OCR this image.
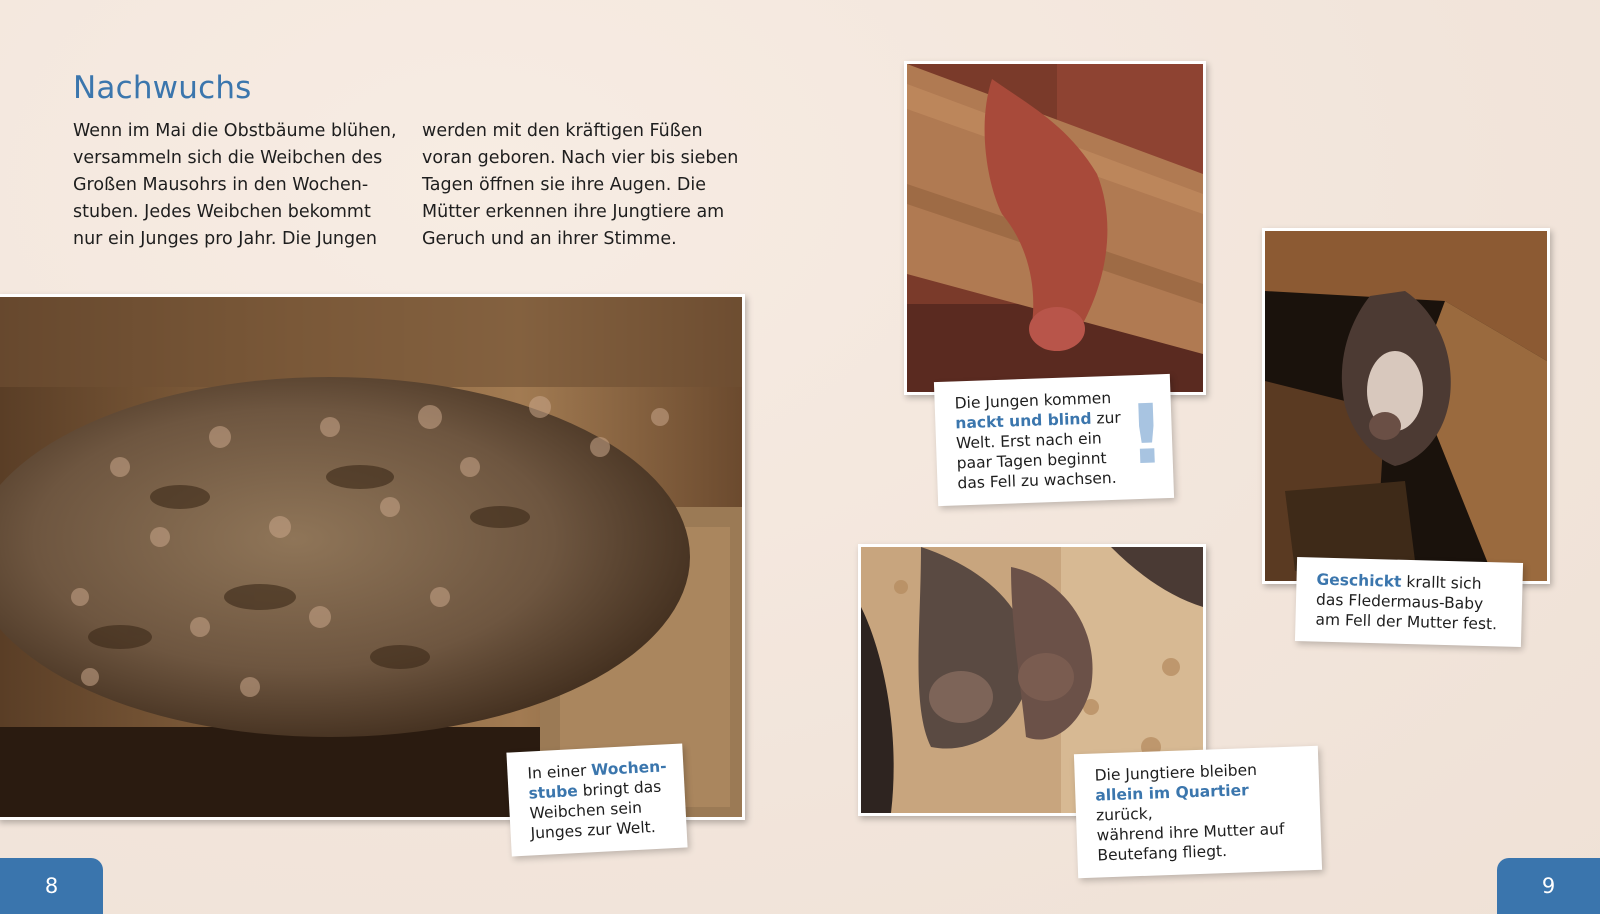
Nachwuchs
Wenn im Mai die Obstbäume blühen,
versammeln sich die Weibchen des
Großen Mausohrs in den Wochen-
stuben. Jedes Weibchen bekommt
nur ein Junges pro Jahr. Die Jungen
werden mit den kräftigen Füßen
voran geboren. Nach vier bis sieben
Tagen öffnen sie ihre Augen. Die
Mütter erkennen ihre Jungtiere am
Geruch und an ihrer Stimme.
In einer Wochen-
stube bringt das
Weibchen sein
Junges zur Welt.
Die Jungen kommen
nackt und blind zur
Welt. Erst nach ein
paar Tagen beginnt
das Fell zu wachsen. !
Geschickt krallt sich
das Fledermaus-Baby
am Fell der Mutter fest.
Die Jungtiere bleiben
allein im Quartier zurück,
während ihre Mutter auf
Beutefang fliegt.
8	9
